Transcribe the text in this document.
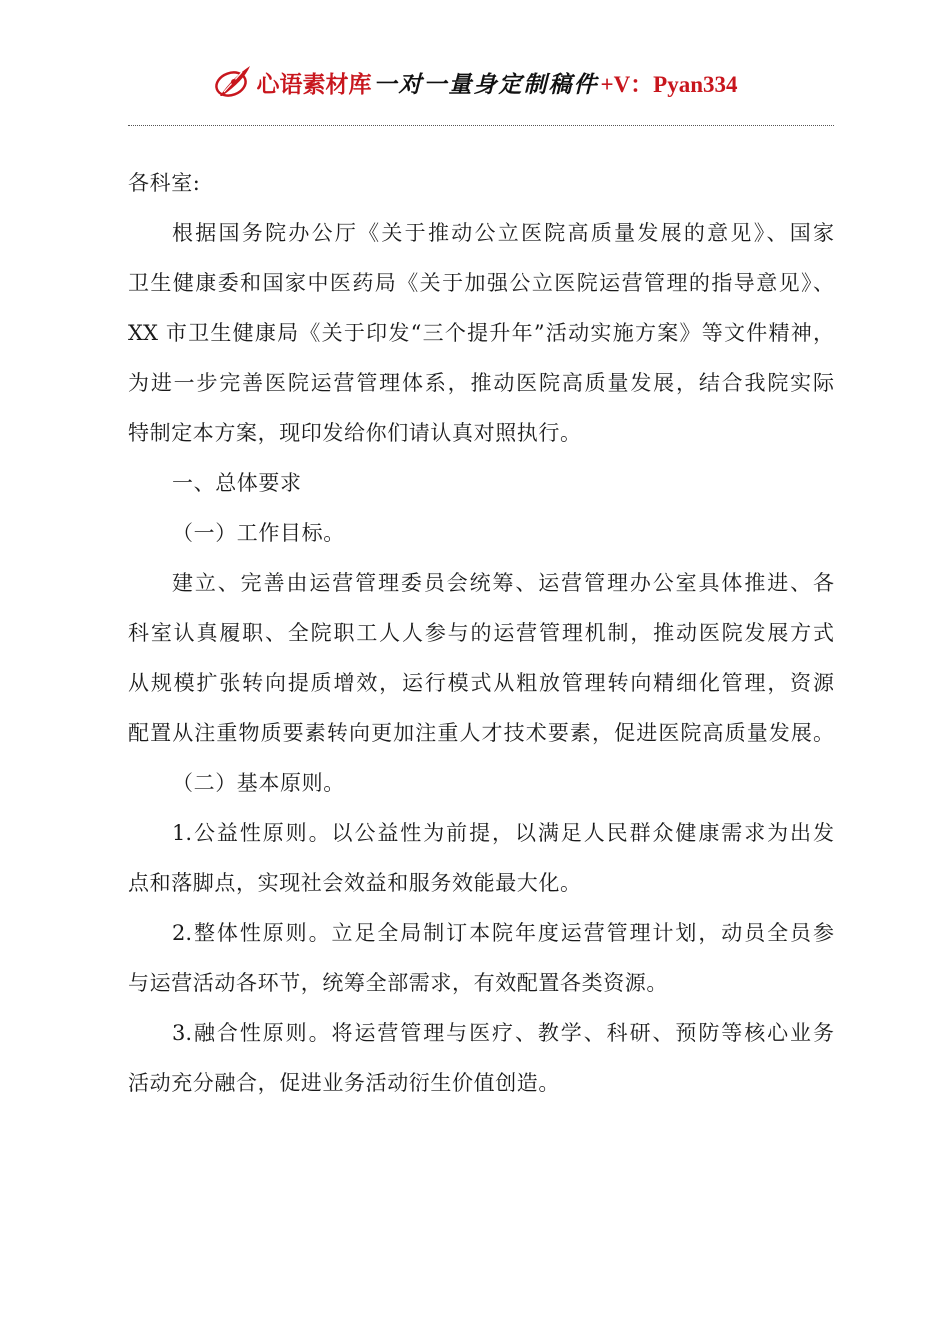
心语素材库 一对一量身定制稿件 +V：Pyan334

各科室:

根据国务院办公厅《关于推动公立医院高质量发展的意见》、国家

卫生健康委和国家中医药局《关于加强公立医院运营管理的指导意见》、

XX 市卫生健康局《关于印发“三个提升年”活动实施方案》等文件精神，

为进一步完善医院运营管理体系，推动医院高质量发展，结合我院实际

特制定本方案，现印发给你们请认真对照执行。

一、总体要求

（一）工作目标。

建立、完善由运营管理委员会统筹、运营管理办公室具体推进、各

科室认真履职、全院职工人人参与的运营管理机制，推动医院发展方式

从规模扩张转向提质增效，运行模式从粗放管理转向精细化管理，资源

配置从注重物质要素转向更加注重人才技术要素，促进医院高质量发展。

（二）基本原则。

1.公益性原则。以公益性为前提，以满足人民群众健康需求为出发

点和落脚点，实现社会效益和服务效能最大化。

2.整体性原则。立足全局制订本院年度运营管理计划，动员全员参

与运营活动各环节，统筹全部需求，有效配置各类资源。

3.融合性原则。将运营管理与医疗、教学、科研、预防等核心业务

活动充分融合，促进业务活动衍生价值创造。
